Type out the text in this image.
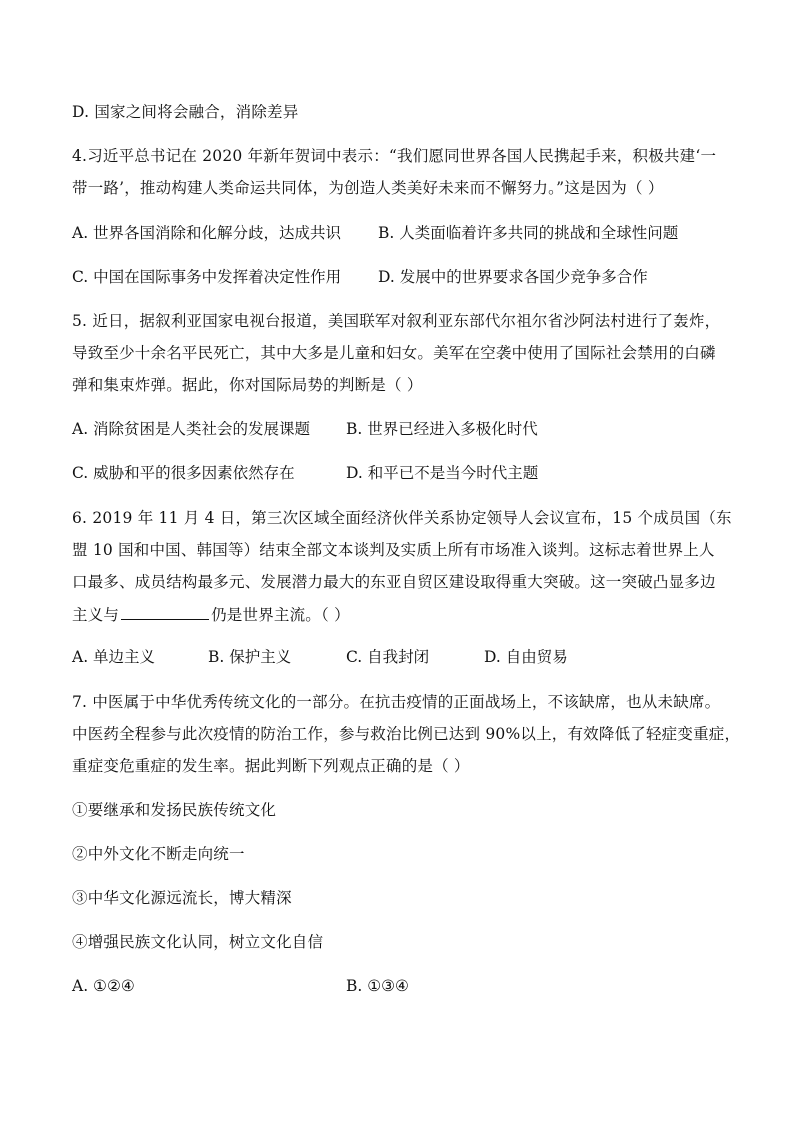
D. 国家之间将会融合，消除差异
4.习近平总书记在 2020 年新年贺词中表示：“我们愿同世界各国人民携起手来，积极共建‘一
带一路’，推动构建人类命运共同体，为创造人类美好未来而不懈努力。”这是因为（ ）
A. 世界各国消除和化解分歧，达成共识 B. 人类面临着许多共同的挑战和全球性问题
C. 中国在国际事务中发挥着决定性作用 D. 发展中的世界要求各国少竞争多合作
5. 近日，据叙利亚国家电视台报道，美国联军对叙利亚东部代尔祖尔省沙阿法村进行了轰炸，
导致至少十余名平民死亡，其中大多是儿童和妇女。美军在空袭中使用了国际社会禁用的白磷
弹和集束炸弹。据此，你对国际局势的判断是（ ）
A. 消除贫困是人类社会的发展课题 B. 世界已经进入多极化时代
C. 威胁和平的很多因素依然存在	D. 和平已不是当今时代主题
6. 2019 年 11 月 4 日，第三次区域全面经济伙伴关系协定领导人会议宣布，15 个成员国（东
盟 10 国和中国、韩国等）结束全部文本谈判及实质上所有市场准入谈判。这标志着世界上人
口最多、成员结构最多元、发展潜力最大的东亚自贸区建设取得重大突破。这一突破凸显多边
主义与	仍是世界主流。（ ）
A. 单边主义	B. 保护主义	C. 自我封闭	D. 自由贸易
7. 中医属于中华优秀传统文化的一部分。在抗击疫情的正面战场上，不该缺席，也从未缺席。
中医药全程参与此次疫情的防治工作，参与救治比例已达到 90%以上，有效降低了轻症变重症，
重症变危重症的发生率。据此判断下列观点正确的是（ ）
①要继承和发扬民族传统文化
②中外文化不断走向统一
③中华文化源远流长，博大精深
④增强民族文化认同，树立文化自信
A. ①②④	B. ①③④
